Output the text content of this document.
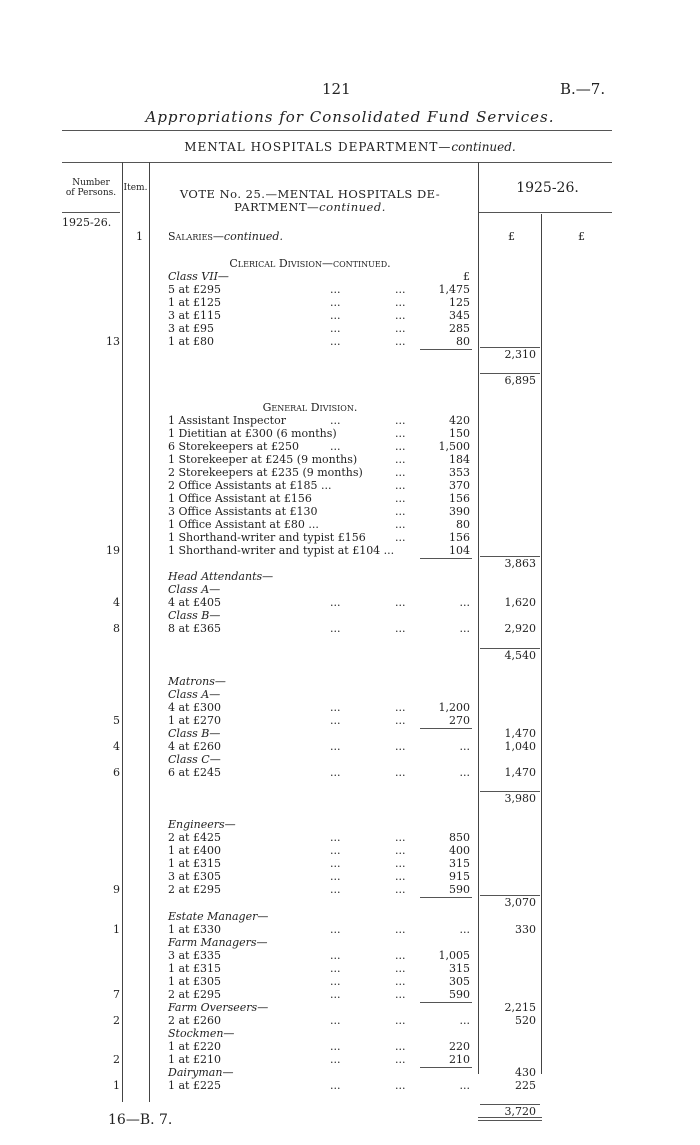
121	B.—7.
Appropriations for Consolidated Fund Services.
MENTAL HOSPITALS DEPARTMENT—continued.
Number
of Persons. Item.	VOTE No. 25.—MENTAL HOSPITALS DE-
PARTMENT—continued.
1925-26.
1925-26.
1 Salaries—continued.	£	£
Clerical Division—continued.
Class VII—	£
5 at £295	...	...	1,475
1 at £125	...	...	125
3 at £115	...	...	345
3 at £95	...	...	285
13	1 at £80	...	...	80
2,310
6,895
General Division.
1 Assistant Inspector	...	...	420
1 Dietitian at £300 (6 months)	...	150
6 Storekeepers at £250	...	...	1,500
1 Storekeeper at £245 (9 months)	...	184
2 Storekeepers at £235 (9 months)	...	353
2 Office Assistants at £185 ...	...	370
1 Office Assistant at £156	...	156
3 Office Assistants at £130	...	390
1 Office Assistant at £80 ...	...	80
1 Shorthand-writer and typist £156	...	156
19	1 Shorthand-writer and typist at £104 ...	104
3,863
Head Attendants—
Class A—
4	4 at £405	...	...	...	1,620
Class B—
8	8 at £365	...	...	...	2,920
4,540
Matrons—
Class A—
4 at £300	...	...	1,200
5	1 at £270	...	...	270
Class B—	1,470
4	4 at £260	...	...	...	1,040
Class C—
6	6 at £245	...	...	...	1,470
3,980
Engineers—
2 at £425	...	...	850
1 at £400	...	...	400
1 at £315	...	...	315
3 at £305	...	...	915
9	2 at £295	...	...	590
3,070
Estate Manager—
1	1 at £330	...	...	...	330
Farm Managers—
3 at £335	...	...	1,005
1 at £315	...	...	315
1 at £305	...	...	305
7	2 at £295	...	...	590
Farm Overseers—	2,215
2	2 at £260	...	...	...	520
Stockmen—
1 at £220	...	...	220
2	1 at £210	...	...	210
Dairyman—	430
1	1 at £225	...	...	...	225
3,720
16—B. 7.
